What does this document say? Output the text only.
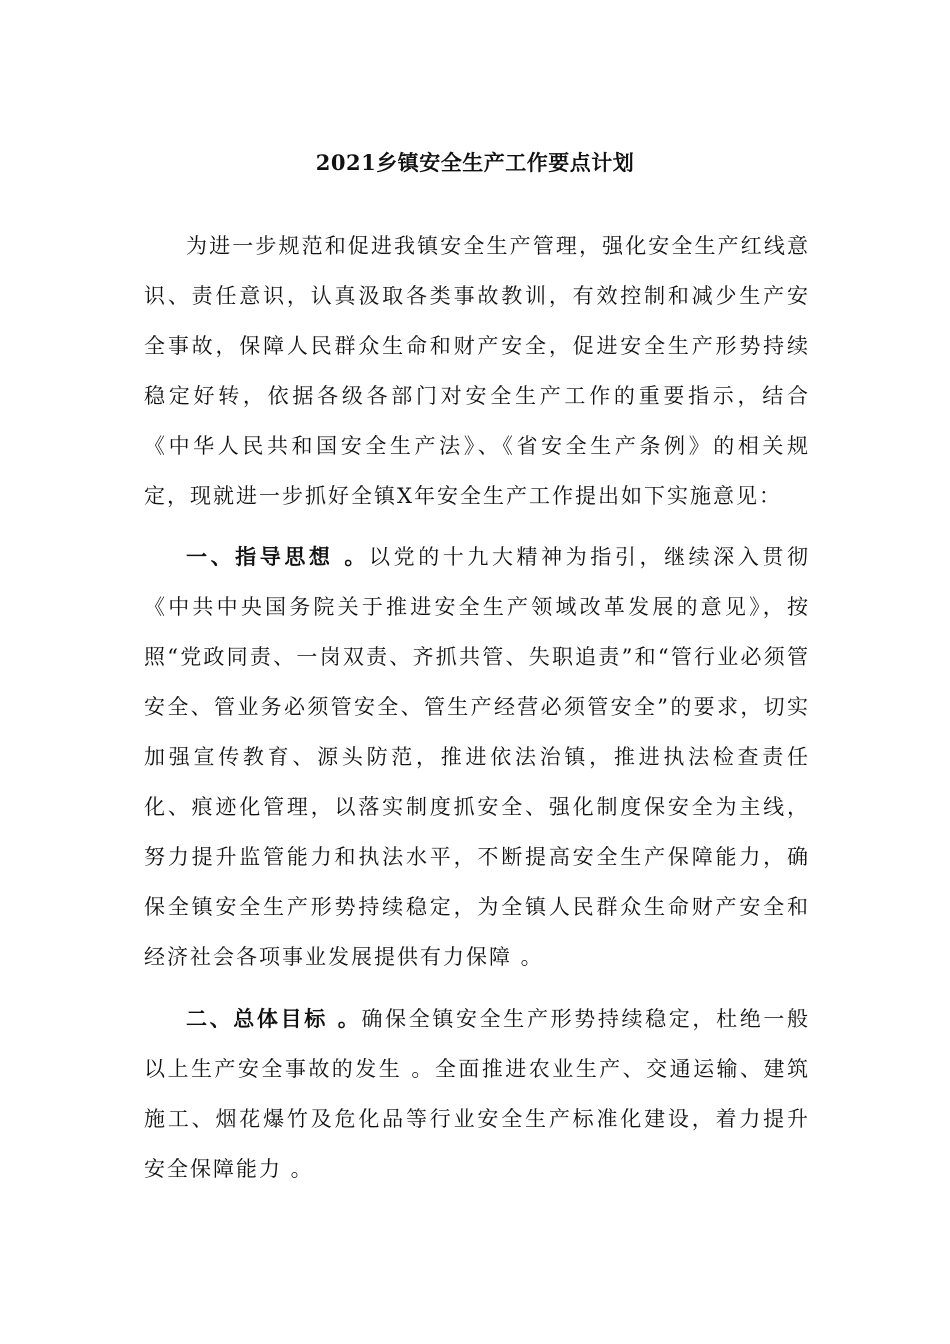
2021乡镇安全生产工作要点计划

为进一步规范和促进我镇安全生产管理，强化安全生产红线意识、责任意识，认真汲取各类事故教训，有效控制和减少生产安全事故，保障人民群众生命和财产安全，促进安全生产形势持续稳定好转，依据各级各部门对安全生产工作的重要指示，结合《中华人民共和国安全生产法》、《省安全生产条例》的相关规定，现就进一步抓好全镇X年安全生产工作提出如下实施意见：

一、指导思想 。以党的十九大精神为指引，继续深入贯彻《中共中央国务院关于推进安全生产领域改革发展的意见》，按照“党政同责、一岗双责、齐抓共管、失职追责”和“管行业必须管安全、管业务必须管安全、管生产经营必须管安全”的要求，切实加强宣传教育、源头防范，推进依法治镇，推进执法检查责任化、痕迹化管理，以落实制度抓安全、强化制度保安全为主线，努力提升监管能力和执法水平，不断提高安全生产保障能力，确保全镇安全生产形势持续稳定，为全镇人民群众生命财产安全和经济社会各项事业发展提供有力保障 。

二、总体目标 。确保全镇安全生产形势持续稳定，杜绝一般以上生产安全事故的发生 。全面推进农业生产、交通运输、建筑施工、烟花爆竹及危化品等行业安全生产标准化建设，着力提升安全保障能力 。
